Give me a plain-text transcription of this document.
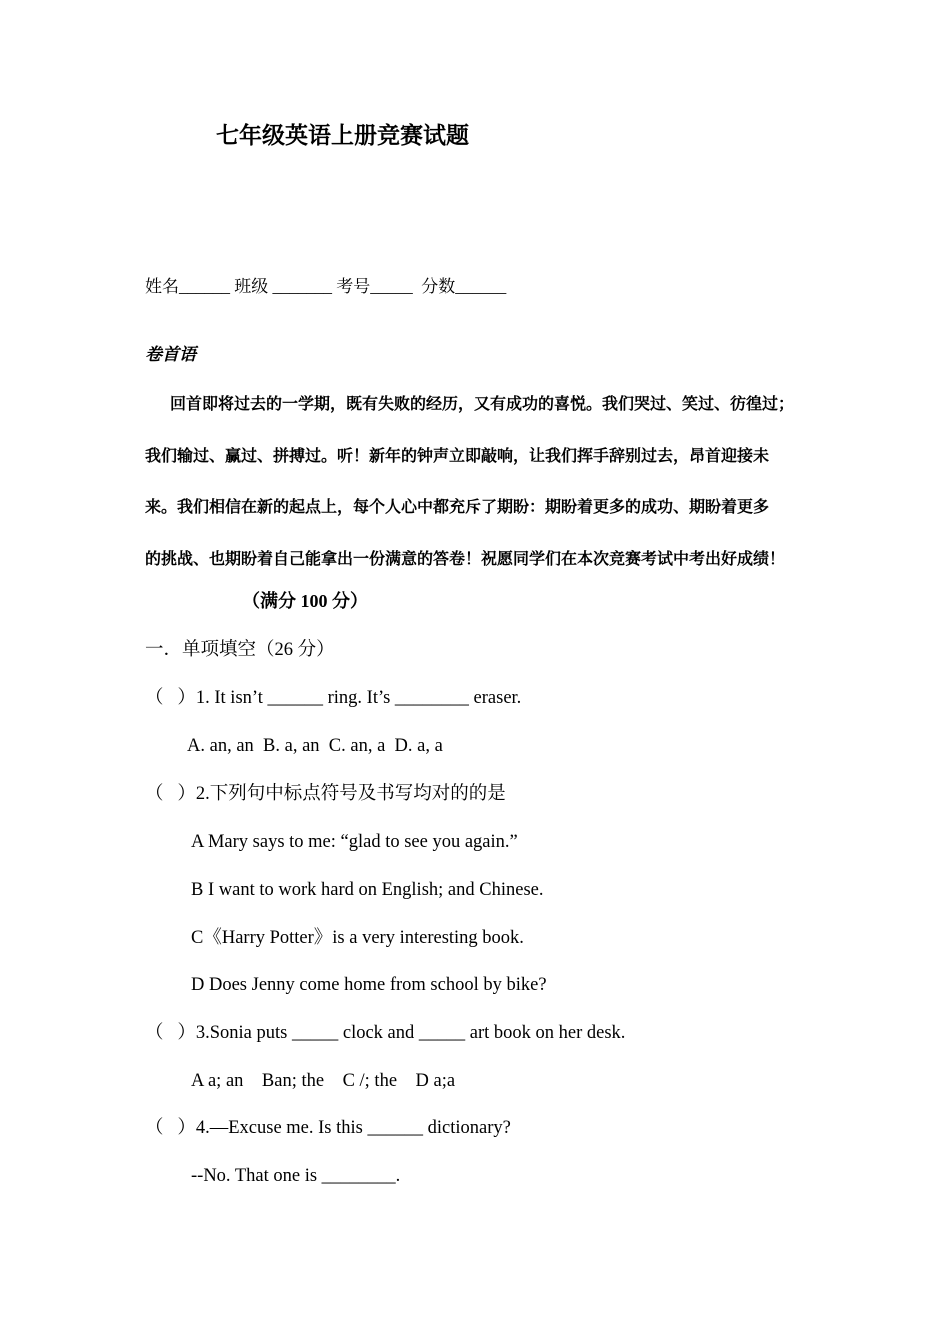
七年级英语上册竞赛试题
姓名______ 班级 _______ 考号_____  分数______
卷首语
回首即将过去的一学期，既有失败的经历，又有成功的喜悦。我们哭过、笑过、彷徨过；
我们输过、赢过、拼搏过。听！新年的钟声立即敲响，让我们挥手辞别过去，昂首迎接未
来。我们相信在新的起点上，每个人心中都充斥了期盼：期盼着更多的成功、期盼着更多
的挑战、也期盼着自己能拿出一份满意的答卷！祝愿同学们在本次竞赛考试中考出好成绩！
（满分 100 分）
一．单项填空（26 分）
（   ）1. It isn’t ______ ring. It’s ________ eraser.
A. an, an  B. a, an  C. an, a  D. a, a
（   ）2.下列句中标点符号及书写均对的的是
A Mary says to me: “glad to see you again.”
B I want to work hard on English; and Chinese.
C《Harry Potter》is a very interesting book.
D Does Jenny come home from school by bike?
（   ）3.Sonia puts _____ clock and _____ art book on her desk.
A a; an    Ban; the    C /; the    D a;a
（   ）4.—Excuse me. Is this ______ dictionary?
--No. That one is ________.
